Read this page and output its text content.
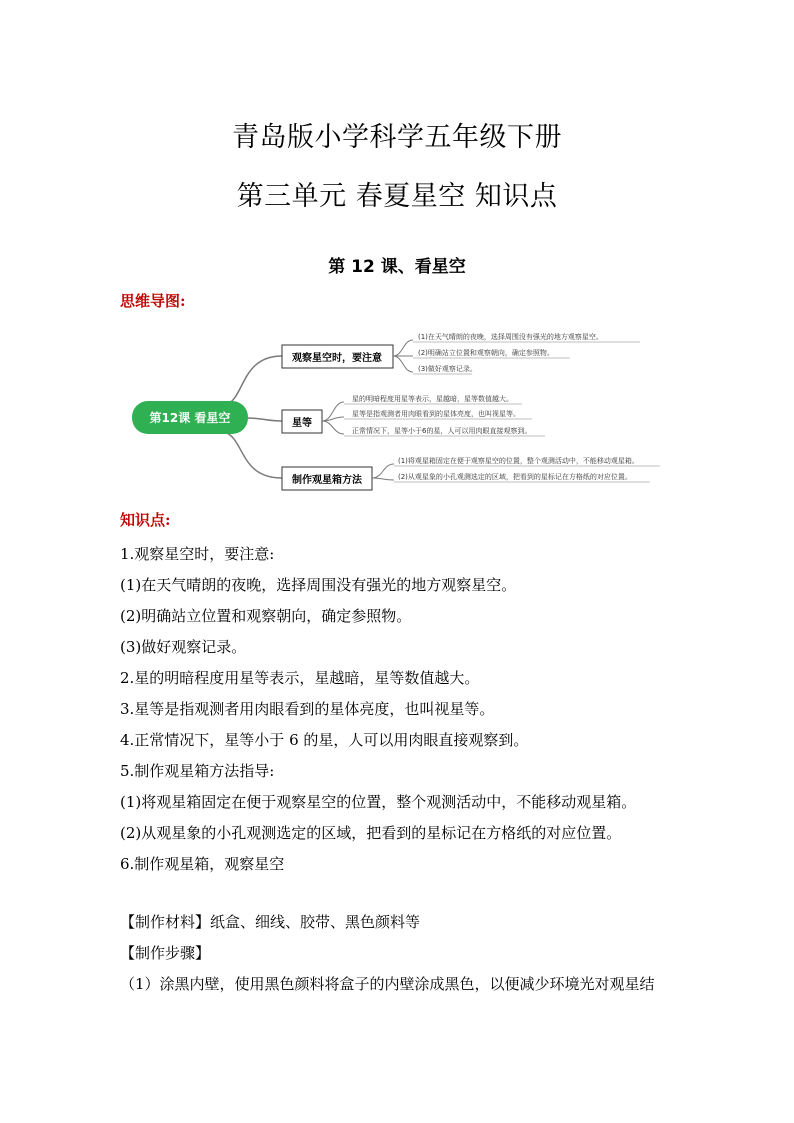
青岛版小学科学五年级下册
第三单元 春夏星空 知识点
第 12 课、看星空
思维导图:
第12课 看星空
观察星空时，要注意
(1)在天气晴朗的夜晚，选择周围没有强光的地方观察星空。
(2)明确站立位置和观察朝向，确定参照物。
(3)做好观察记录。
星等
星的明暗程度用星等表示，星越暗，星等数值越大。
星等是指观测者用肉眼看到的星体亮度，也叫视星等。
正常情况下，星等小于6的星，人可以用肉眼直接观察到。
制作观星箱方法
(1)将观星箱固定在便于观察星空的位置，整个观测活动中，不能移动观星箱。
(2)从观星象的小孔观测选定的区域，把看到的星标记在方格纸的对应位置。
知识点:
1.观察星空时，要注意:
(1)在天气晴朗的夜晚，选择周围没有强光的地方观察星空。
(2)明确站立位置和观察朝向，确定参照物。
(3)做好观察记录。
2.星的明暗程度用星等表示，星越暗，星等数值越大。
3.星等是指观测者用肉眼看到的星体亮度，也叫视星等。
4.正常情况下，星等小于 6 的星，人可以用肉眼直接观察到。
5.制作观星箱方法指导:
(1)将观星箱固定在便于观察星空的位置，整个观测活动中，不能移动观星箱。
(2)从观星象的小孔观测选定的区域，把看到的星标记在方格纸的对应位置。
6.制作观星箱，观察星空
【制作材料】纸盒、细线、胶带、黑色颜料等
【制作步骤】
（1）涂黑内壁，使用黑色颜料将盒子的内壁涂成黑色，以便减少环境光对观星结
